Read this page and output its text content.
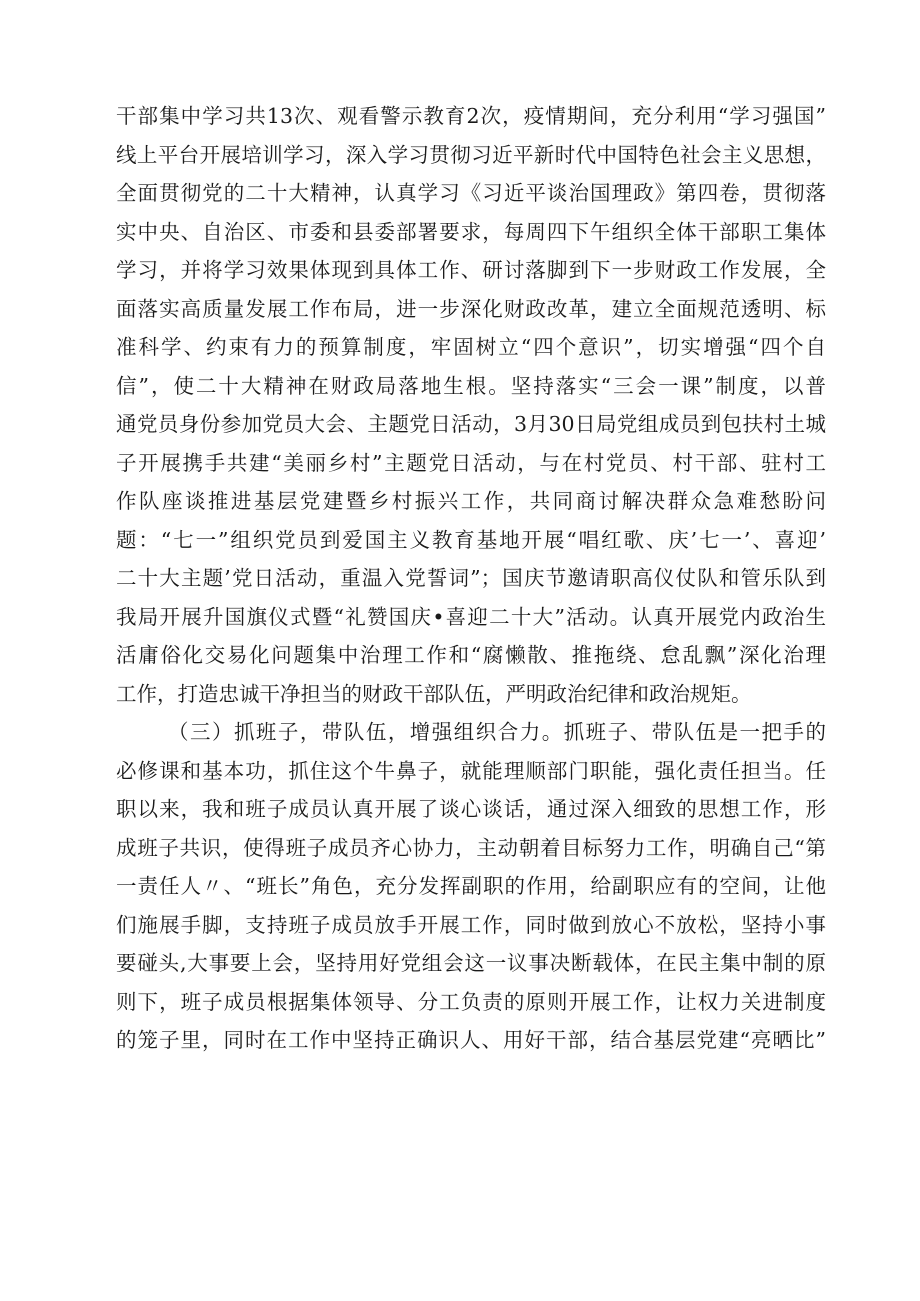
干部集中学习共13次、观看警示教育2次，疫情期间，充分利用“学习强国”
线上平台开展培训学习，深入学习贯彻习近平新时代中国特色社会主义思想，
全面贯彻党的二十大精神，认真学习《习近平谈治国理政》第四卷，贯彻落
实中央、自治区、市委和县委部署要求，每周四下午组织全体干部职工集体
学习，并将学习效果体现到具体工作、研讨落脚到下一步财政工作发展，全
面落实高质量发展工作布局，进一步深化财政改革，建立全面规范透明、标
准科学、约束有力的预算制度，牢固树立“四个意识”，切实增强“四个自
信”，使二十大精神在财政局落地生根。坚持落实“三会一课”制度，以普
通党员身份参加党员大会、主题党日活动，3月30日局党组成员到包扶村土城
子开展携手共建“美丽乡村”主题党日活动，与在村党员、村干部、驻村工
作队座谈推进基层党建暨乡村振兴工作，共同商讨解决群众急难愁盼问
题：“七一”组织党员到爱国主义教育基地开展“唱红歌、庆’七一’、喜迎’
二十大主题’党日活动，重温入党誓词”；国庆节邀请职高仪仗队和管乐队到
我局开展升国旗仪式暨“礼赞国庆•喜迎二十大”活动。认真开展党内政治生
活庸俗化交易化问题集中治理工作和“腐懒散、推拖绕、怠乱飘”深化治理
工作，打造忠诚干净担当的财政干部队伍，严明政治纪律和政治规矩。
（三）抓班子，带队伍，增强组织合力。抓班子、带队伍是一把手的
必修课和基本功，抓住这个牛鼻子，就能理顺部门职能，强化责任担当。任
职以来，我和班子成员认真开展了谈心谈话，通过深入细致的思想工作，形
成班子共识，使得班子成员齐心协力，主动朝着目标努力工作，明确自己“第
一责任人〃、“班长”角色，充分发挥副职的作用，给副职应有的空间，让他
们施展手脚，支持班子成员放手开展工作，同时做到放心不放松，坚持小事
要碰头,大事要上会，坚持用好党组会这一议事决断载体，在民主集中制的原
则下，班子成员根据集体领导、分工负责的原则开展工作，让权力关进制度
的笼子里，同时在工作中坚持正确识人、用好干部，结合基层党建“亮晒比”
